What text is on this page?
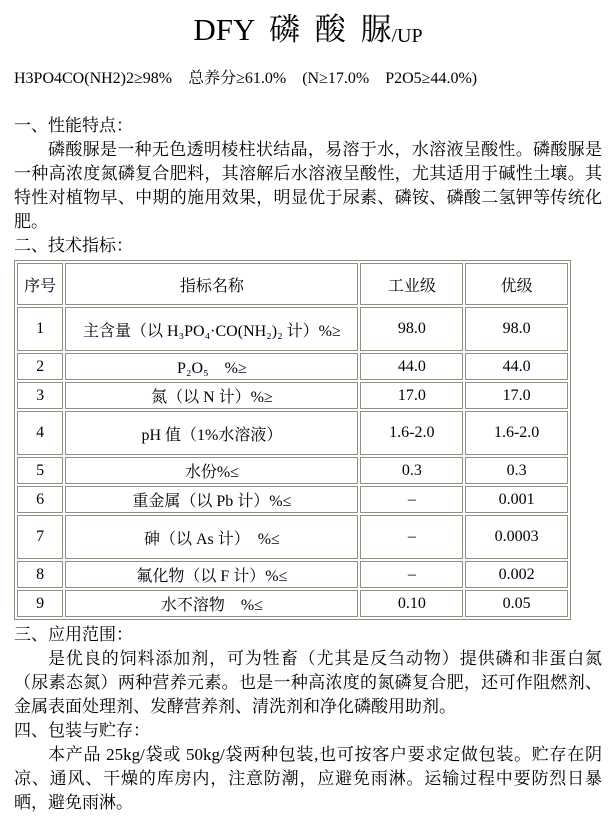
DFY 磷 酸 脲/UP
H3PO4CO(NH2)2≥98%　总养分≥61.0%　(N≥17.0%　P2O5≥44.0%)
一、性能特点：

磷酸脲是一种无色透明棱柱状结晶，易溶于水，水溶液呈酸性。磷酸脲是一种高浓度氮磷复合肥料，其溶解后水溶液呈酸性，尤其适用于碱性土壤。其特性对植物早、中期的施用效果，明显优于尿素、磷铵、磷酸二氢钾等传统化肥。

二、技术指标：
序号	指标名称	工业级	优级
1	主含量（以 H₃PO₄·CO(NH₂)₂ 计）%≥	98.0	98.0
2	P₂O₅　%≥	44.0	44.0
3	氮（以 N 计）%≥	17.0	17.0
4	pH 值（1%水溶液）	1.6-2.0	1.6-2.0
5	水份%≤	0.3	0.3
6	重金属（以 Pb 计）%≤	–	0.001
7	砷（以 As 计）　%≤	–	0.0003
8	氟化物（以 F 计）%≤	–	0.002
9	水不溶物　%≤	0.10	0.05
三、应用范围：

是优良的饲料添加剂，可为牲畜（尤其是反刍动物）提供磷和非蛋白氮（尿素态氮）两种营养元素。也是一种高浓度的氮磷复合肥，还可作阻燃剂、金属表面处理剂、发酵营养剂、清洗剂和净化磷酸用助剂。

四、包装与贮存：

本产品 25kg/袋或 50kg/袋两种包装,也可按客户要求定做包装。贮存在阴凉、通风、干燥的库房内，注意防潮，应避免雨淋。运输过程中要防烈日暴晒，避免雨淋。
